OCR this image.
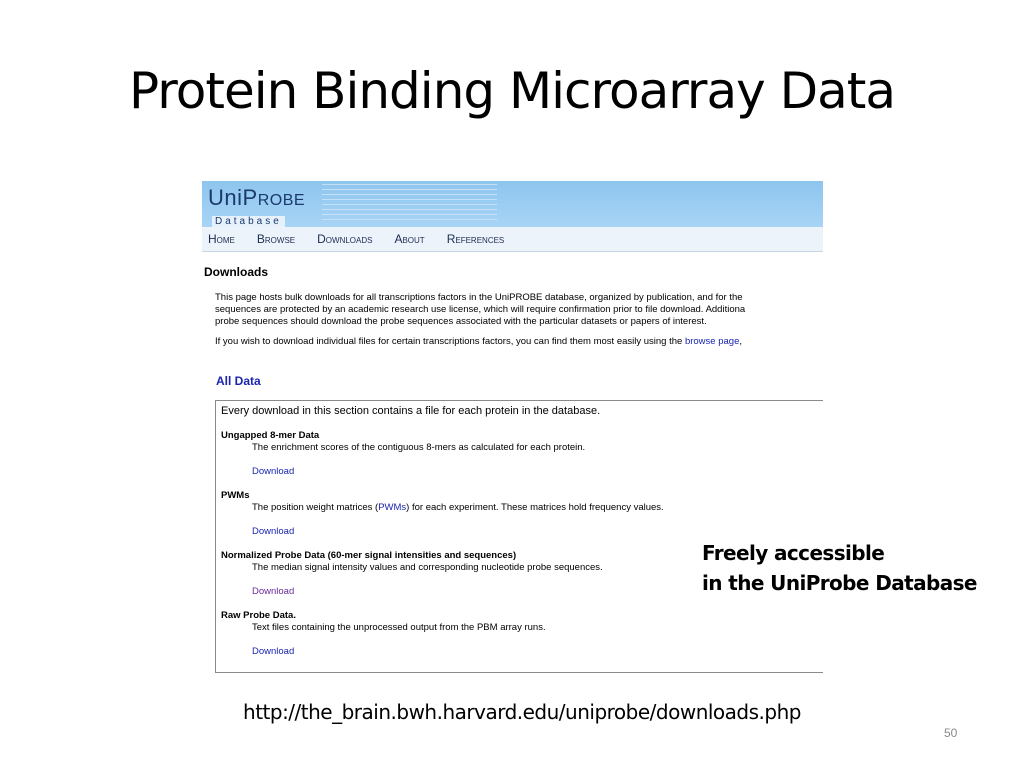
Protein Binding Microarray Data
UniPROBE
Database
Home Browse Downloads About References
Downloads

This page hosts bulk downloads for all transcriptions factors in the UniPROBE database, organized by publication, and for the

sequences are protected by an academic research use license, which will require confirmation prior to file download. Additiona

probe sequences should download the probe sequences associated with the particular datasets or papers of interest.

If you wish to download individual files for certain transcriptions factors, you can find them most easily using the browse page,

All Data
Every download in this section contains a file for each protein in the database.
Ungapped 8-mer Data
The enrichment scores of the contiguous 8-mers as calculated for each protein.
Download
PWMs
The position weight matrices (PWMs) for each experiment. These matrices hold frequency values.
Download
Normalized Probe Data (60-mer signal intensities and sequences)
The median signal intensity values and corresponding nucleotide probe sequences.
Download
Raw Probe Data.
Text files containing the unprocessed output from the PBM array runs.
Download
Freely accessible
in the UniProbe Database
http://the_brain.bwh.harvard.edu/uniprobe/downloads.php
50
